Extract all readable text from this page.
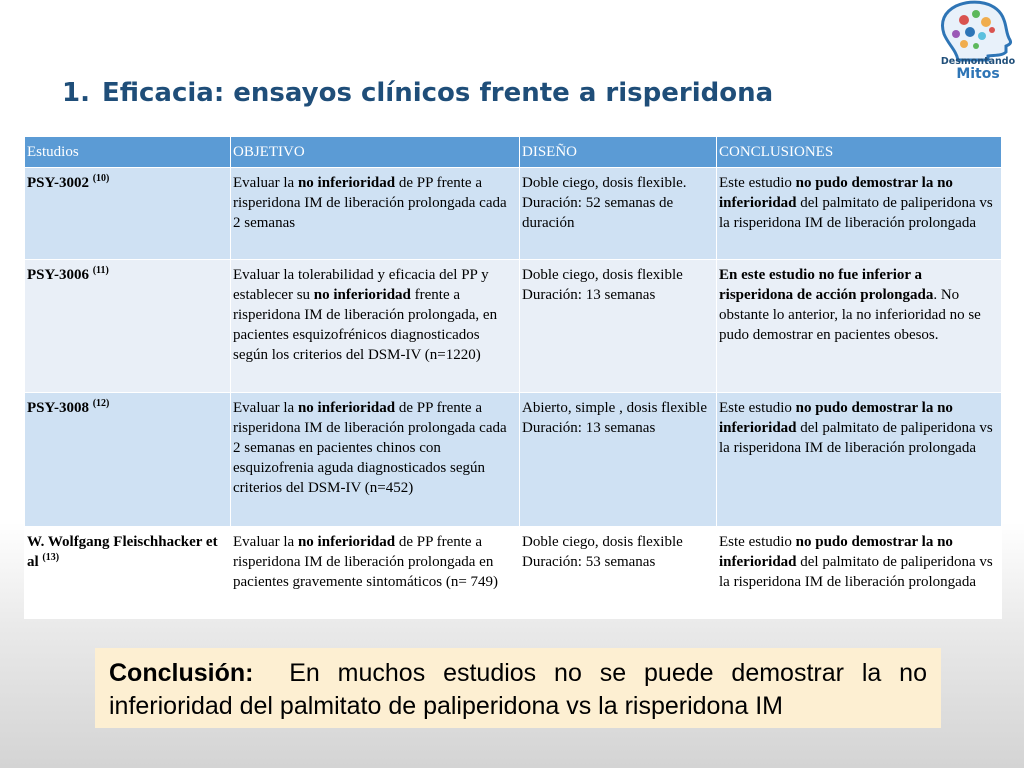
Desmontando
Mitos
1. Eficacia: ensayos clínicos frente a risperidona
Estudios	OBJETIVO	DISEÑO	CONCLUSIONES
PSY-3002 $^{(10)}$	Evaluar la no inferioridad de PP frente a risperidona IM de liberación prolongada cada 2 semanas	Doble ciego, dosis flexible. Duración: 52 semanas de duración	Este estudio no pudo demostrar la no inferioridad del palmitato de paliperidona vs la risperidona IM de liberación prolongada
PSY-3006 $^{(11)}$	Evaluar la tolerabilidad y eficacia del PP y establecer su no inferioridad frente a risperidona IM de liberación prolongada, en pacientes esquizofrénicos diagnosticados según los criterios del DSM-IV (n=1220)	Doble ciego, dosis flexible Duración: 13 semanas	En este estudio no fue inferior a risperidona de acción prolongada. No obstante lo anterior, la no inferioridad no se pudo demostrar en pacientes obesos.
PSY-3008 $^{(12)}$	Evaluar la no inferioridad de PP frente a risperidona IM de liberación prolongada cada 2 semanas en pacientes chinos con esquizofrenia aguda diagnosticados según criterios del DSM-IV (n=452)	Abierto, simple , dosis flexible Duración: 13 semanas	Este estudio no pudo demostrar la no inferioridad del palmitato de paliperidona vs la risperidona IM de liberación prolongada
W. Wolfgang Fleischhacker et al $^{(13)}$	Evaluar la no inferioridad de PP frente a risperidona IM de liberación prolongada en pacientes gravemente sintomáticos (n= 749)	Doble ciego, dosis flexible Duración: 53 semanas	Este estudio no pudo demostrar la no inferioridad del palmitato de paliperidona vs la risperidona IM de liberación prolongada
Conclusión:  En muchos estudios no se puede demostrar la no inferioridad del palmitato de paliperidona vs la risperidona IM
